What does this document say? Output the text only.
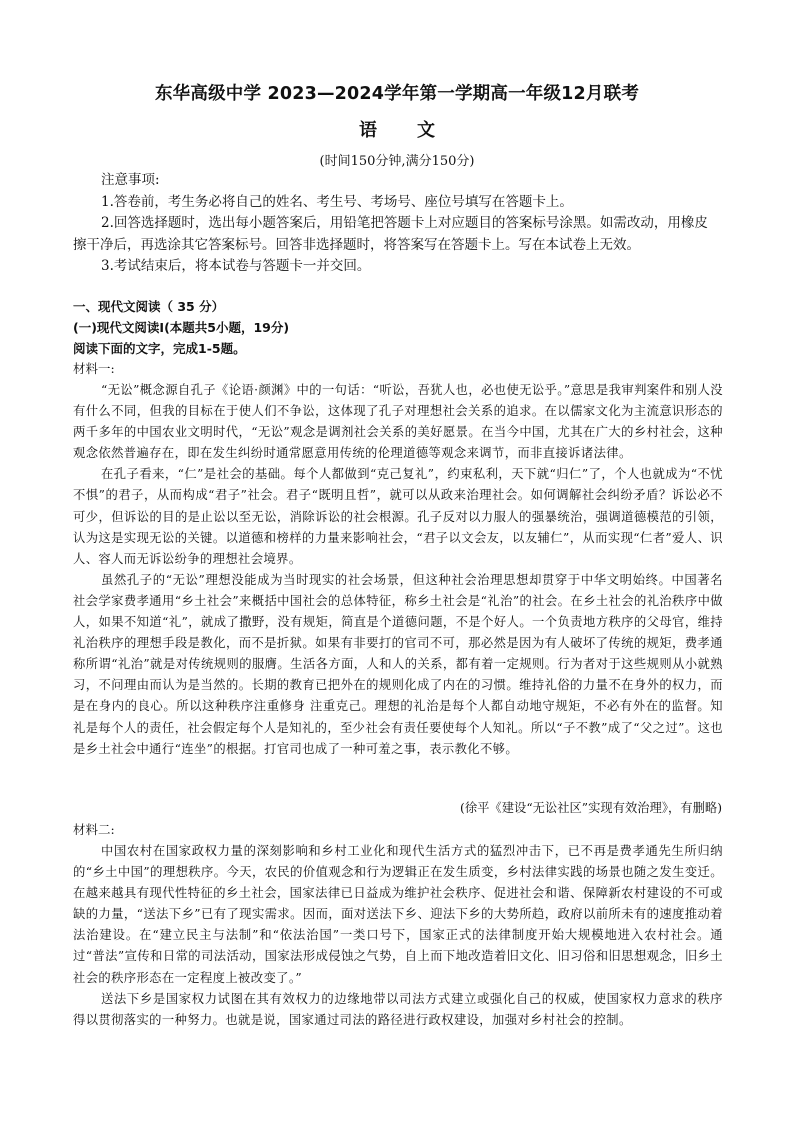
东华高级中学 2023—2024学年第一学期高一年级12月联考
语文
(时间150分钟,满分150分)

注意事项:

1.答卷前，考生务必将自己的姓名、考生号、考场号、座位号填写在答题卡上。

2.回答选择题时，选出每小题答案后，用铅笔把答题卡上对应题目的答案标号涂黑。如需改动，用橡皮擦干净后，再选涂其它答案标号。回答非选择题时，将答案写在答题卡上。写在本试卷上无效。

3.考试结束后，将本试卷与答题卡一并交回。

一、现代文阅读（ 35 分）

(一)现代文阅读Ⅰ(本题共5小题，19分)

阅读下面的文字，完成1-5题。

材料一:

“无讼”概念源自孔子《论语·颜渊》中的一句话：“听讼，吾犹人也，必也使无讼乎。”意思是我审判案件和别人没有什么不同，但我的目标在于使人们不争讼，这体现了孔子对理想社会关系的追求。在以儒家文化为主流意识形态的两千多年的中国农业文明时代，“无讼”观念是调剂社会关系的美好愿景。在当今中国，尤其在广大的乡村社会，这种观念依然普遍存在，即在发生纠纷时通常愿意用传统的伦理道德等观念来调节，而非直接诉诸法律。

在孔子看来，“仁”是社会的基础。每个人都做到“克己复礼”，约束私利，天下就“归仁”了，个人也就成为“不忧不惧”的君子，从而构成“君子”社会。君子“既明且哲”，就可以从政来治理社会。如何调解社会纠纷矛盾？诉讼必不可少，但诉讼的目的是止讼以至无讼，消除诉讼的社会根源。孔子反对以力服人的强暴统治，强调道德模范的引领，认为这是实现无讼的关键。以道德和榜样的力量来影响社会，“君子以文会友，以友辅仁”，从而实现“仁者”爱人、识人、容人而无诉讼纷争的理想社会境界。

虽然孔子的“无讼”理想没能成为当时现实的社会场景，但这种社会治理思想却贯穿于中华文明始终。中国著名社会学家费孝通用“乡土社会”来概括中国社会的总体特征，称乡土社会是“礼治”的社会。在乡土社会的礼治秩序中做人，如果不知道“礼”，就成了撒野，没有规矩，简直是个道德问题，不是个好人。一个负责地方秩序的父母官，维持礼治秩序的理想手段是教化，而不是折狱。如果有非要打的官司不可，那必然是因为有人破坏了传统的规矩，费孝通称所谓“礼治”就是对传统规则的服膺。生活各方面，人和人的关系，都有着一定规则。行为者对于这些规则从小就熟习，不问理由而认为是当然的。长期的教育已把外在的规则化成了内在的习惯。维持礼俗的力量不在身外的权力，而是在身内的良心。所以这种秩序注重修身 注重克己。理想的礼治是每个人都自动地守规矩，不必有外在的监督。知礼是每个人的责任，社会假定每个人是知礼的，至少社会有责任要使每个人知礼。所以“子不教”成了“父之过”。这也是乡土社会中通行“连坐”的根据。打官司也成了一种可羞之事，表示教化不够。

(徐平《建设“无讼社区”实现有效治理》，有删略)
材料二:

中国农村在国家政权力量的深刻影响和乡村工业化和现代生活方式的猛烈冲击下，已不再是费孝通先生所归纳的“乡土中国”的理想秩序。今天，农民的价值观念和行为逻辑正在发生质变，乡村法律实践的场景也随之发生变迁。在越来越具有现代性特征的乡土社会，国家法律已日益成为维护社会秩序、促进社会和谐、保障新农村建设的不可或缺的力量，“送法下乡”已有了现实需求。因而，面对送法下乡、迎法下乡的大势所趋，政府以前所未有的速度推动着法治建设。在“建立民主与法制”和“依法治国”一类口号下，国家正式的法律制度开始大规模地进入农村社会。通过“普法”宣传和日常的司法活动，国家法形成侵蚀之气势，自上而下地改造着旧文化、旧习俗和旧思想观念，旧乡土社会的秩序形态在一定程度上被改变了。”

送法下乡是国家权力试图在其有效权力的边缘地带以司法方式建立或强化自己的权威，使国家权力意求的秩序得以贯彻落实的一种努力。也就是说，国家通过司法的路径进行政权建设，加强对乡村社会的控制。
